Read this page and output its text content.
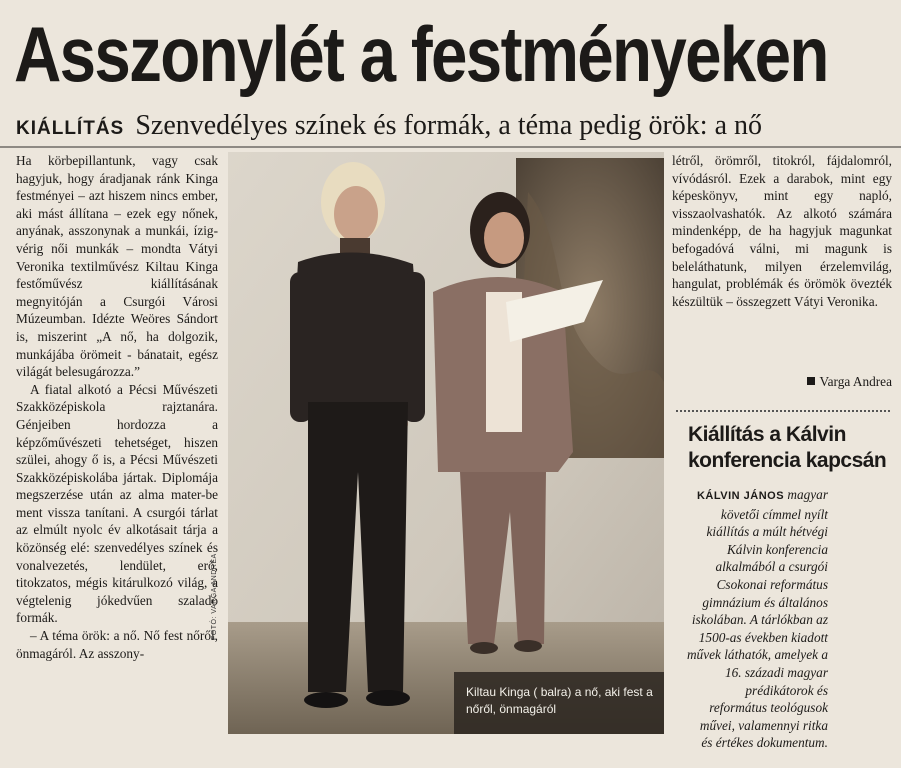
Asszonylét a festményeken
KIÁLLÍTÁS Szenvedélyes színek és formák, a téma pedig örök: a nő

Ha körbepillantunk, vagy csak hagyjuk, hogy áradjanak ránk Kinga festményei – azt hiszem nincs ember, aki mást állítana – ezek egy nőnek, anyának, asszonynak a munkái, ízig-vérig női munkák – mondta Vátyi Veronika textilművész Kiltau Kinga festőművész kiállításának megnyitóján a Csurgói Városi Múzeumban. Idézte Weöres Sándort is, miszerint „A nő, ha dolgozik, munkájába örömeit - bánatait, egész világát belesugározza.”

A fiatal alkotó a Pécsi Művészeti Szakközépiskola rajztanára. Génjeiben hordozza a képzőművészeti tehetséget, hiszen szülei, ahogy ő is, a Pécsi Művészeti Szakközépiskolába jártak. Diplomája megszerzése után az alma mater-be ment vissza tanítani. A csurgói tárlat az elmúlt nyolc év alkotásait tárja a közönség elé: szenvedélyes színek és vonalvezetés, lendület, erő, titokzatos, mégis kitárulkozó világ, a végtelenig jókedvűen szaladó formák.

– A téma örök: a nő. Nő fest nőről, önmagáról. Az asszony-

FOTÓ: VARGA ANDREA
Kiltau Kinga ( balra) a nő, aki fest a nőről, önmagáról

létről, örömről, titokról, fájdalomról, vívódásról. Ezek a darabok, mint egy képeskönyv, mint egy napló, visszaolvashatók. Az alkotó számára mindenképp, de ha hagyjuk magunkat befogadóvá válni, mi magunk is beleláthatunk, milyen érzelemvilág, hangulat, problémák és örömök övezték készültük – összegzett Vátyi Veronika.

Varga Andrea
Kiállítás a Kálvin konferencia kapcsán
KÁLVIN JÁNOS magyar követői címmel nyílt kiállítás a múlt hétvégi Kálvin konferencia alkalmából a csurgói Csokonai református gimnázium és általános iskolában. A tárlókban az 1500-as években kiadott művek láthatók, amelyek a 16. századi magyar prédikátorok és református teológusok művei, valamennyi ritka és értékes dokumentum.
